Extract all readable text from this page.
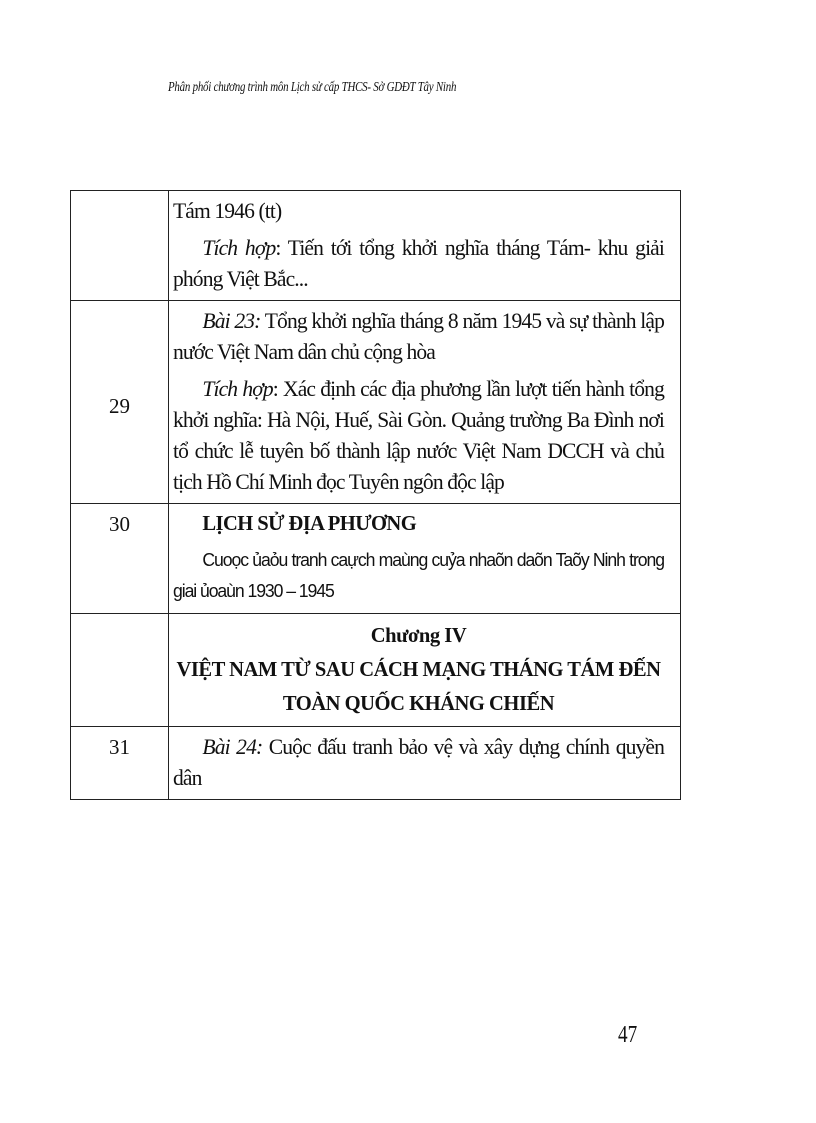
Phân phối chương trình môn Lịch sử cấp THCS- Sở GDĐT Tây Ninh

	Tám 1946 (tt)

Tích hợp: Tiến tới tổng khởi nghĩa tháng Tám- khu giải phóng Việt Bắc...

29	Bài 23: Tổng khởi nghĩa tháng 8 năm 1945 và sự thành lập nước Việt Nam dân chủ cộng hòa

Tích hợp: Xác định các địa phương lần lượt tiến hành tổng khởi nghĩa: Hà Nội, Huế, Sài Gòn. Quảng trường Ba Đình nơi tổ chức lễ tuyên bố thành lập nước Việt Nam DCCH và chủ tịch Hồ Chí Minh đọc Tuyên ngôn độc lập

30	LỊCH SỬ ĐỊA PHƯƠNG

Cuoọc ủaỏu tranh caựch maùng cuỷa nhaõn daõn Taõy Ninh trong giai ủoaùn 1930 – 1945

	Chương IV

VIỆT NAM TỪ SAU CÁCH MẠNG THÁNG TÁM ĐẾN TOÀN QUỐC KHÁNG CHIẾN

31	Bài 24: Cuộc đấu tranh bảo vệ và xây dựng chính quyền dân

47
